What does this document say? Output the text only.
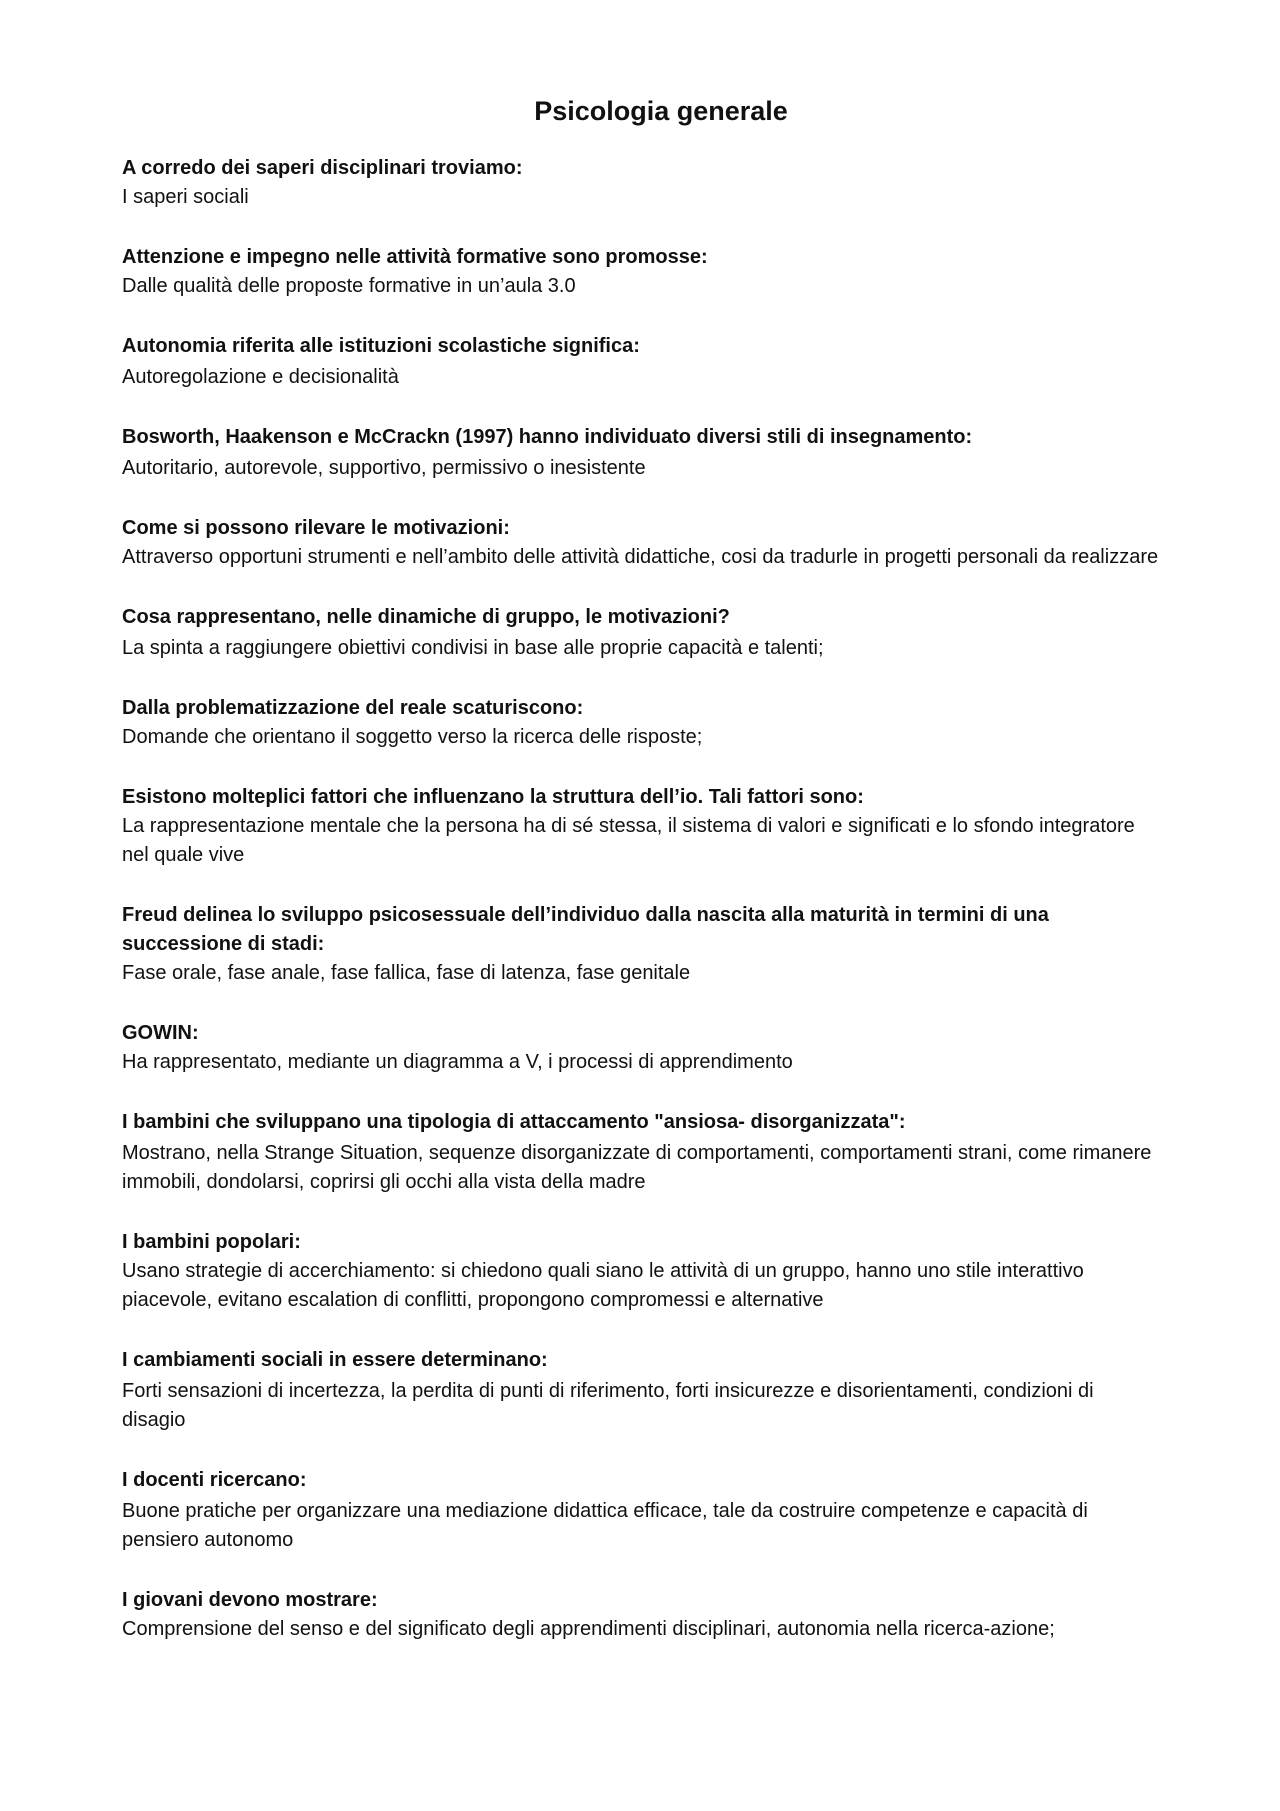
Psicologia generale

A corredo dei saperi disciplinari troviamo:

I saperi sociali

Attenzione e impegno nelle attività formative sono promosse:

Dalle qualità delle proposte formative in un’aula 3.0

Autonomia riferita alle istituzioni scolastiche significa:

Autoregolazione e decisionalità

Bosworth, Haakenson e McCrackn (1997) hanno individuato diversi stili di insegnamento:

Autoritario, autorevole, supportivo, permissivo o inesistente

Come si possono rilevare le motivazioni:

Attraverso opportuni strumenti e nell’ambito delle attività didattiche, cosi da tradurle in progetti personali da realizzare

Cosa rappresentano, nelle dinamiche di gruppo, le motivazioni?

La spinta a raggiungere obiettivi condivisi in base alle proprie capacità e talenti;

Dalla problematizzazione del reale scaturiscono:

Domande che orientano il soggetto verso la ricerca delle risposte;

Esistono molteplici fattori che influenzano la struttura dell’io. Tali fattori sono:

La rappresentazione mentale che la persona ha di sé stessa, il sistema di valori e significati e lo sfondo integratore nel quale vive

Freud delinea lo sviluppo psicosessuale dell’individuo dalla nascita alla maturità in termini di una successione di stadi:

Fase orale, fase anale, fase fallica, fase di latenza, fase genitale

GOWIN:

Ha rappresentato, mediante un diagramma a V, i processi di apprendimento

I bambini che sviluppano una tipologia di attaccamento "ansiosa- disorganizzata":

Mostrano, nella Strange Situation, sequenze disorganizzate di comportamenti, comportamenti strani, come rimanere immobili, dondolarsi, coprirsi gli occhi alla vista della madre

I bambini popolari:

Usano strategie di accerchiamento: si chiedono quali siano le attività di un gruppo, hanno uno stile interattivo piacevole, evitano escalation di conflitti, propongono compromessi e alternative

I cambiamenti sociali in essere determinano:

Forti sensazioni di incertezza, la perdita di punti di riferimento, forti insicurezze e disorientamenti, condizioni di disagio

I docenti ricercano:

Buone pratiche per organizzare una mediazione didattica efficace, tale da costruire competenze e capacità di pensiero autonomo

I giovani devono mostrare:

Comprensione del senso e del significato degli apprendimenti disciplinari, autonomia nella ricerca-azione;
